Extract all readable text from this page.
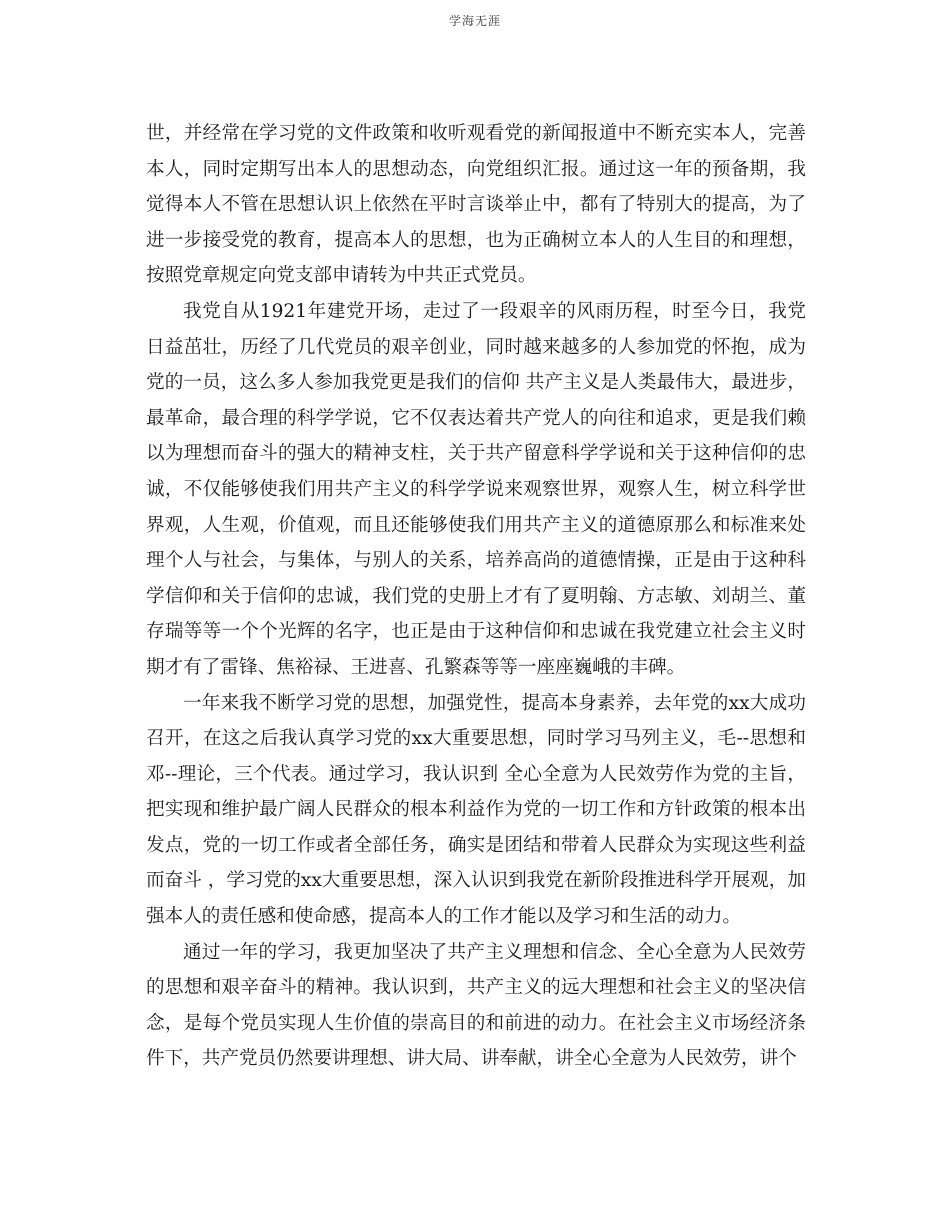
学海无涯

世，并经常在学习党的文件政策和收听观看党的新闻报道中不断充实本人，完善本人，同时定期写出本人的思想动态，向党组织汇报。通过这一年的预备期，我觉得本人不管在思想认识上依然在平时言谈举止中，都有了特别大的提高，为了进一步接受党的教育，提高本人的思想，也为正确树立本人的人生目的和理想，按照党章规定向党支部申请转为中共正式党员。

我党自从1921年建党开场，走过了一段艰辛的风雨历程，时至今日，我党日益茁壮，历经了几代党员的艰辛创业，同时越来越多的人参加党的怀抱，成为党的一员，这么多人参加我党更是我们的信仰 共产主义是人类最伟大，最进步，最革命，最合理的科学学说，它不仅表达着共产党人的向往和追求，更是我们赖以为理想而奋斗的强大的精神支柱，关于共产留意科学学说和关于这种信仰的忠诚，不仅能够使我们用共产主义的科学学说来观察世界，观察人生，树立科学世界观，人生观，价值观，而且还能够使我们用共产主义的道德原那么和标准来处理个人与社会，与集体，与别人的关系，培养高尚的道德情操，正是由于这种科学信仰和关于信仰的忠诚，我们党的史册上才有了夏明翰、方志敏、刘胡兰、董存瑞等等一个个光辉的名字，也正是由于这种信仰和忠诚在我党建立社会主义时期才有了雷锋、焦裕禄、王进喜、孔繁森等等一座座巍峨的丰碑。

一年来我不断学习党的思想，加强党性，提高本身素养，去年党的xx大成功召开，在这之后我认真学习党的xx大重要思想，同时学习马列主义，毛--思想和邓--理论，三个代表。通过学习，我认识到 全心全意为人民效劳作为党的主旨，把实现和维护最广阔人民群众的根本利益作为党的一切工作和方针政策的根本出发点，党的一切工作或者全部任务，确实是团结和带着人民群众为实现这些利益而奋斗 ，学习党的xx大重要思想，深入认识到我党在新阶段推进科学开展观，加强本人的责任感和使命感，提高本人的工作才能以及学习和生活的动力。

通过一年的学习，我更加坚决了共产主义理想和信念、全心全意为人民效劳的思想和艰辛奋斗的精神。我认识到，共产主义的远大理想和社会主义的坚决信念，是每个党员实现人生价值的崇高目的和前进的动力。在社会主义市场经济条件下，共产党员仍然要讲理想、讲大局、讲奉献，讲全心全意为人民效劳，讲个
